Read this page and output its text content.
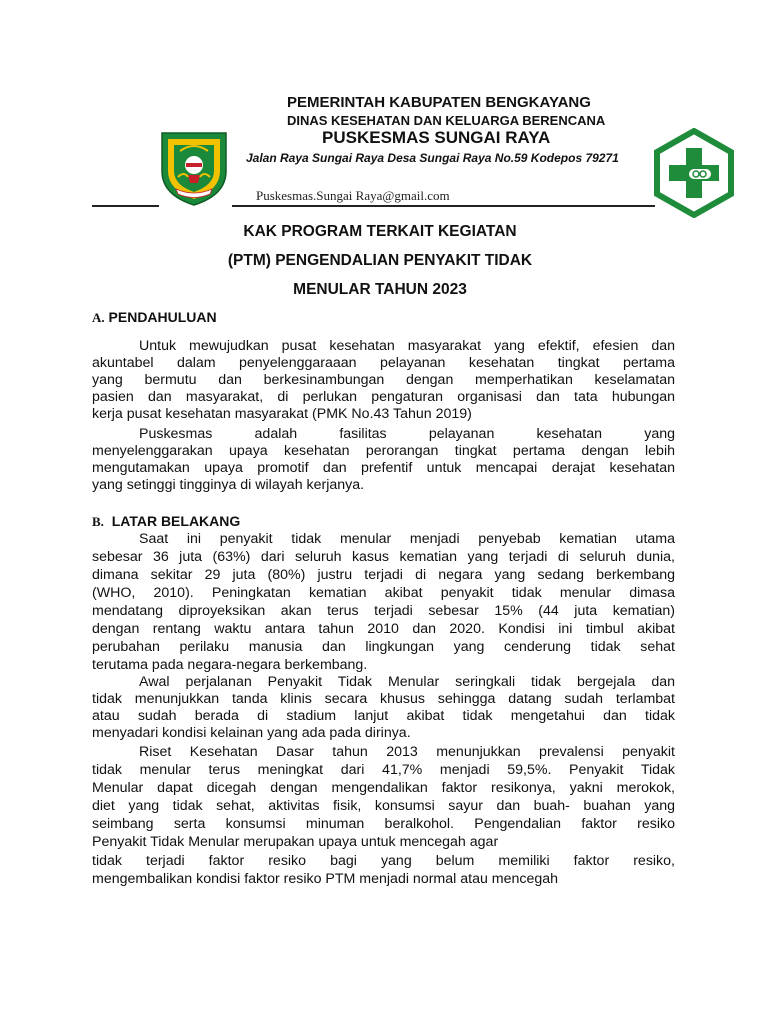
PEMERINTAH KABUPATEN BENGKAYANG
DINAS KESEHATAN DAN KELUARGA BERENCANA
PUSKESMAS SUNGAI RAYA
Jalan Raya Sungai Raya Desa Sungai Raya No.59 Kodepos 79271
Puskesmas.Sungai Raya@gmail.com
KAK PROGRAM TERKAIT KEGIATAN
(PTM) PENGENDALIAN PENYAKIT TIDAK
MENULAR TAHUN 2023
A. PENDAHULUAN
Untuk mewujudkan pusat kesehatan masyarakat yang efektif, efesien dan
akuntabel dalam penyelenggaraaan pelayanan kesehatan tingkat pertama
yang bermutu dan berkesinambungan dengan memperhatikan keselamatan
pasien dan masyarakat, di perlukan pengaturan organisasi dan tata hubungan
kerja pusat kesehatan masyarakat (PMK No.43 Tahun 2019)
Puskesmas adalah fasilitas pelayanan kesehatan yang
menyelenggarakan upaya kesehatan perorangan tingkat pertama dengan lebih
mengutamakan upaya promotif dan prefentif untuk mencapai derajat kesehatan
yang setinggi tingginya di wilayah kerjanya.
B. LATAR BELAKANG
Saat ini penyakit tidak menular menjadi penyebab kematian utama
sebesar 36 juta (63%) dari seluruh kasus kematian yang terjadi di seluruh dunia,
dimana sekitar 29 juta (80%) justru terjadi di negara yang sedang berkembang
(WHO, 2010). Peningkatan kematian akibat penyakit tidak menular dimasa
mendatang diproyeksikan akan terus terjadi sebesar 15% (44 juta kematian)
dengan rentang waktu antara tahun 2010 dan 2020. Kondisi ini timbul akibat
perubahan perilaku manusia dan lingkungan yang cenderung tidak sehat
terutama pada negara-negara berkembang.
Awal perjalanan Penyakit Tidak Menular seringkali tidak bergejala dan
tidak menunjukkan tanda klinis secara khusus sehingga datang sudah terlambat
atau sudah berada di stadium lanjut akibat tidak mengetahui dan tidak
menyadari kondisi kelainan yang ada pada dirinya.
Riset Kesehatan Dasar tahun 2013 menunjukkan prevalensi penyakit
tidak menular terus meningkat dari 41,7% menjadi 59,5%. Penyakit Tidak
Menular dapat dicegah dengan mengendalikan faktor resikonya, yakni merokok,
diet yang tidak sehat, aktivitas fisik, konsumsi sayur dan buah- buahan yang
seimbang serta konsumsi minuman beralkohol. Pengendalian faktor resiko
Penyakit Tidak Menular merupakan upaya untuk mencegah agar
tidak terjadi faktor resiko bagi yang belum memiliki faktor resiko,
mengembalikan kondisi faktor resiko PTM menjadi normal atau mencegah
